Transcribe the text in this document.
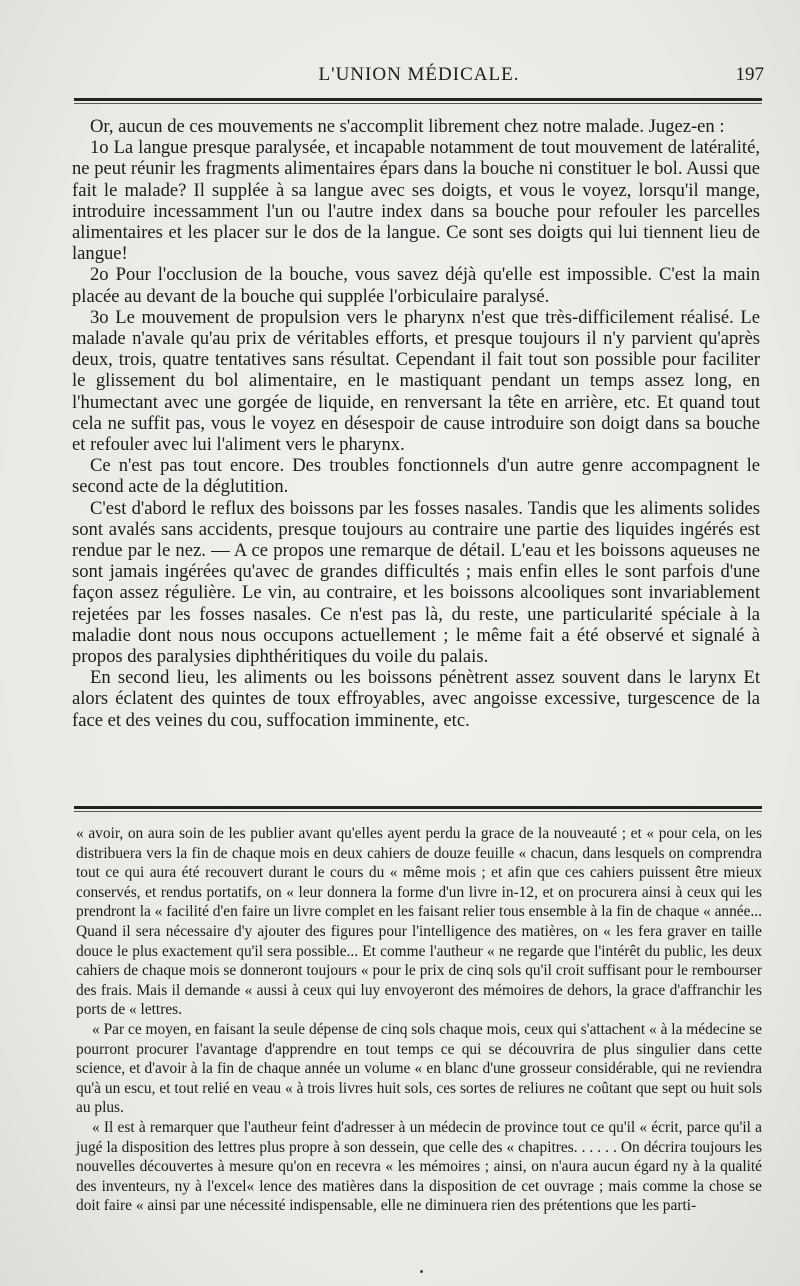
L'UNION MÉDICALE.	197

Or, aucun de ces mouvements ne s'accomplit librement chez notre malade. Jugez-en :

1o La langue presque paralysée, et incapable notamment de tout mouvement de latéralité, ne peut réunir les fragments alimentaires épars dans la bouche ni constituer le bol. Aussi que fait le malade? Il supplée à sa langue avec ses doigts, et vous le voyez, lorsqu'il mange, introduire incessamment l'un ou l'autre index dans sa bouche pour refouler les parcelles alimentaires et les placer sur le dos de la langue. Ce sont ses doigts qui lui tiennent lieu de langue!

2o Pour l'occlusion de la bouche, vous savez déjà qu'elle est impossible. C'est la main placée au devant de la bouche qui supplée l'orbiculaire paralysé.

3o Le mouvement de propulsion vers le pharynx n'est que très-difficilement réalisé. Le malade n'avale qu'au prix de véritables efforts, et presque toujours il n'y parvient qu'après deux, trois, quatre tentatives sans résultat. Cependant il fait tout son possible pour faciliter le glissement du bol alimentaire, en le mastiquant pendant un temps assez long, en l'humectant avec une gorgée de liquide, en renversant la tête en arrière, etc. Et quand tout cela ne suffit pas, vous le voyez en désespoir de cause introduire son doigt dans sa bouche et refouler avec lui l'aliment vers le pharynx.

Ce n'est pas tout encore. Des troubles fonctionnels d'un autre genre accompagnent le second acte de la déglutition.

C'est d'abord le reflux des boissons par les fosses nasales. Tandis que les aliments solides sont avalés sans accidents, presque toujours au contraire une partie des liquides ingérés est rendue par le nez. — A ce propos une remarque de détail. L'eau et les boissons aqueuses ne sont jamais ingérées qu'avec de grandes difficultés ; mais enfin elles le sont parfois d'une façon assez régulière. Le vin, au contraire, et les boissons alcooliques sont invariablement rejetées par les fosses nasales. Ce n'est pas là, du reste, une particularité spéciale à la maladie dont nous nous occupons actuellement ; le même fait a été observé et signalé à propos des paralysies diphthéritiques du voile du palais.

En second lieu, les aliments ou les boissons pénètrent assez souvent dans le larynx Et alors éclatent des quintes de toux effroyables, avec angoisse excessive, turgescence de la face et des veines du cou, suffocation imminente, etc.

« avoir, on aura soin de les publier avant qu'elles ayent perdu la grace de la nouveauté ; et « pour cela, on les distribuera vers la fin de chaque mois en deux cahiers de douze feuille « chacun, dans lesquels on comprendra tout ce qui aura été recouvert durant le cours du « même mois ; et afin que ces cahiers puissent être mieux conservés, et rendus portatifs, on « leur donnera la forme d'un livre in-12, et on procurera ainsi à ceux qui les prendront la « facilité d'en faire un livre complet en les faisant relier tous ensemble à la fin de chaque « année... Quand il sera nécessaire d'y ajouter des figures pour l'intelligence des matières, on « les fera graver en taille douce le plus exactement qu'il sera possible... Et comme l'autheur « ne regarde que l'intérêt du public, les deux cahiers de chaque mois se donneront toujours « pour le prix de cinq sols qu'il croit suffisant pour le rembourser des frais. Mais il demande « aussi à ceux qui luy envoyeront des mémoires de dehors, la grace d'affranchir les ports de « lettres.

« Par ce moyen, en faisant la seule dépense de cinq sols chaque mois, ceux qui s'attachent « à la médecine se pourront procurer l'avantage d'apprendre en tout temps ce qui se découvrira de plus singulier dans cette science, et d'avoir à la fin de chaque année un volume « en blanc d'une grosseur considérable, qui ne reviendra qu'à un escu, et tout relié en veau « à trois livres huit sols, ces sortes de reliures ne coûtant que sept ou huit sols au plus.

« Il est à remarquer que l'autheur feint d'adresser à un médecin de province tout ce qu'il « écrit, parce qu'il a jugé la disposition des lettres plus propre à son dessein, que celle des « chapitres. . . . . . On décrira toujours les nouvelles découvertes à mesure qu'on en recevra « les mémoires ; ainsi, on n'aura aucun égard ny à la qualité des inventeurs, ny à l'excel« lence des matières dans la disposition de cet ouvrage ; mais comme la chose se doit faire « ainsi par une nécessité indispensable, elle ne diminuera rien des prétentions que les parti-
